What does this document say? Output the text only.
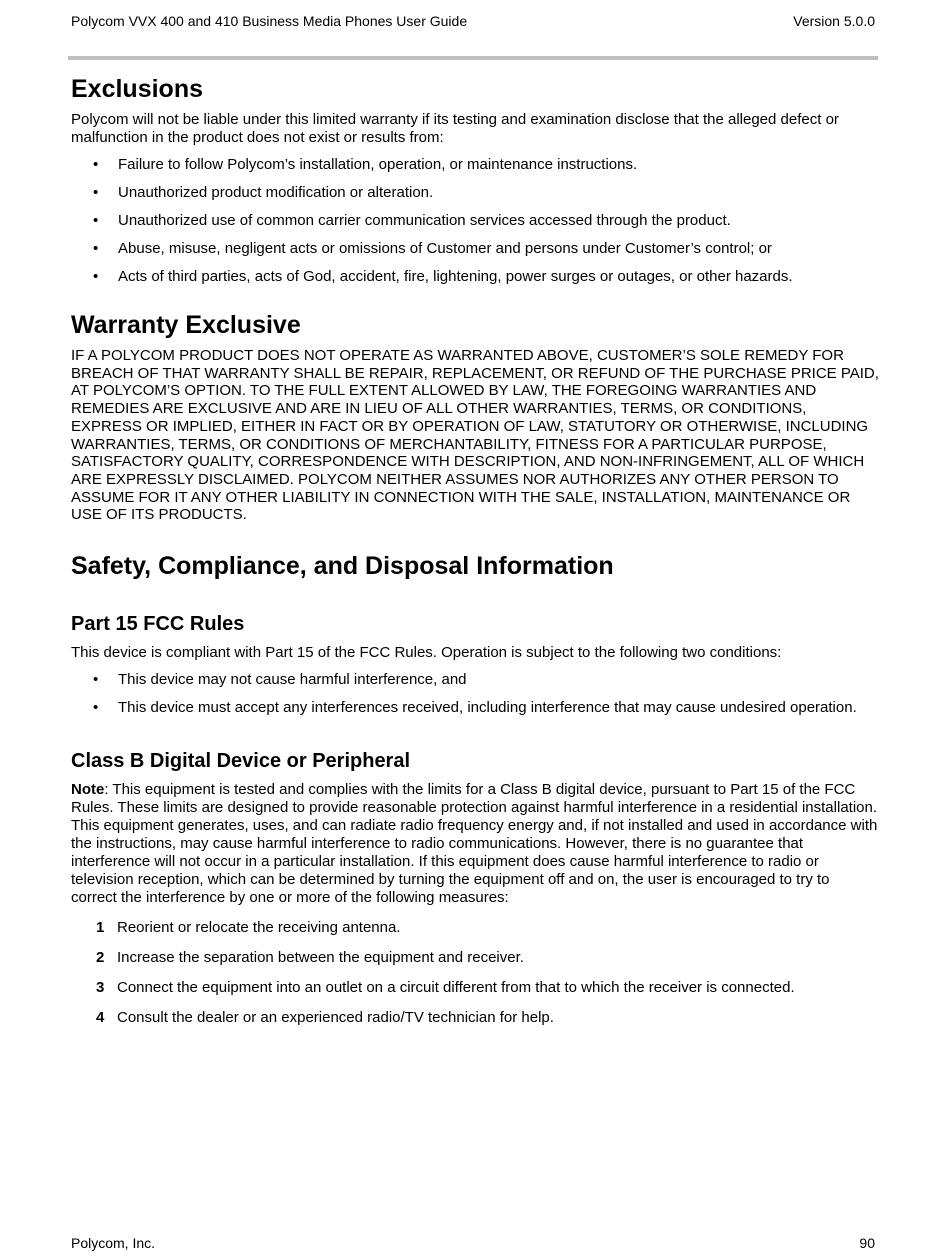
Polycom VVX 400 and 410 Business Media Phones User Guide	Version 5.0.0
Exclusions

Polycom will not be liable under this limited warranty if its testing and examination disclose that the alleged defect or malfunction in the product does not exist or results from:

• Failure to follow Polycom’s installation, operation, or maintenance instructions.
• Unauthorized product modification or alteration.
• Unauthorized use of common carrier communication services accessed through the product.
• Abuse, misuse, negligent acts or omissions of Customer and persons under Customer’s control; or
• Acts of third parties, acts of God, accident, fire, lightening, power surges or outages, or other hazards.
Warranty Exclusive

IF A POLYCOM PRODUCT DOES NOT OPERATE AS WARRANTED ABOVE, CUSTOMER’S SOLE REMEDY FOR BREACH OF THAT WARRANTY SHALL BE REPAIR, REPLACEMENT, OR REFUND OF THE PURCHASE PRICE PAID, AT POLYCOM’S OPTION. TO THE FULL EXTENT ALLOWED BY LAW, THE FOREGOING WARRANTIES AND REMEDIES ARE EXCLUSIVE AND ARE IN LIEU OF ALL OTHER WARRANTIES, TERMS, OR CONDITIONS, EXPRESS OR IMPLIED, EITHER IN FACT OR BY OPERATION OF LAW, STATUTORY OR OTHERWISE, INCLUDING WARRANTIES, TERMS, OR CONDITIONS OF MERCHANTABILITY, FITNESS FOR A PARTICULAR PURPOSE, SATISFACTORY QUALITY, CORRESPONDENCE WITH DESCRIPTION, AND NON-INFRINGEMENT, ALL OF WHICH ARE EXPRESSLY DISCLAIMED. POLYCOM NEITHER ASSUMES NOR AUTHORIZES ANY OTHER PERSON TO ASSUME FOR IT ANY OTHER LIABILITY IN CONNECTION WITH THE SALE, INSTALLATION, MAINTENANCE OR USE OF ITS PRODUCTS.

Safety, Compliance, and Disposal Information
Part 15 FCC Rules

This device is compliant with Part 15 of the FCC Rules. Operation is subject to the following two conditions:

• This device may not cause harmful interference, and
• This device must accept any interferences received, including interference that may cause undesired operation.
Class B Digital Device or Peripheral

Note: This equipment is tested and complies with the limits for a Class B digital device, pursuant to Part 15 of the FCC Rules. These limits are designed to provide reasonable protection against harmful interference in a residential installation. This equipment generates, uses, and can radiate radio frequency energy and, if not installed and used in accordance with the instructions, may cause harmful interference to radio communications. However, there is no guarantee that interference will not occur in a particular installation. If this equipment does cause harmful interference to radio or television reception, which can be determined by turning the equipment off and on, the user is encouraged to try to correct the interference by one or more of the following measures:

1 Reorient or relocate the receiving antenna.
2 Increase the separation between the equipment and receiver.
3 Connect the equipment into an outlet on a circuit different from that to which the receiver is connected.
4 Consult the dealer or an experienced radio/TV technician for help.
Polycom, Inc.	90
